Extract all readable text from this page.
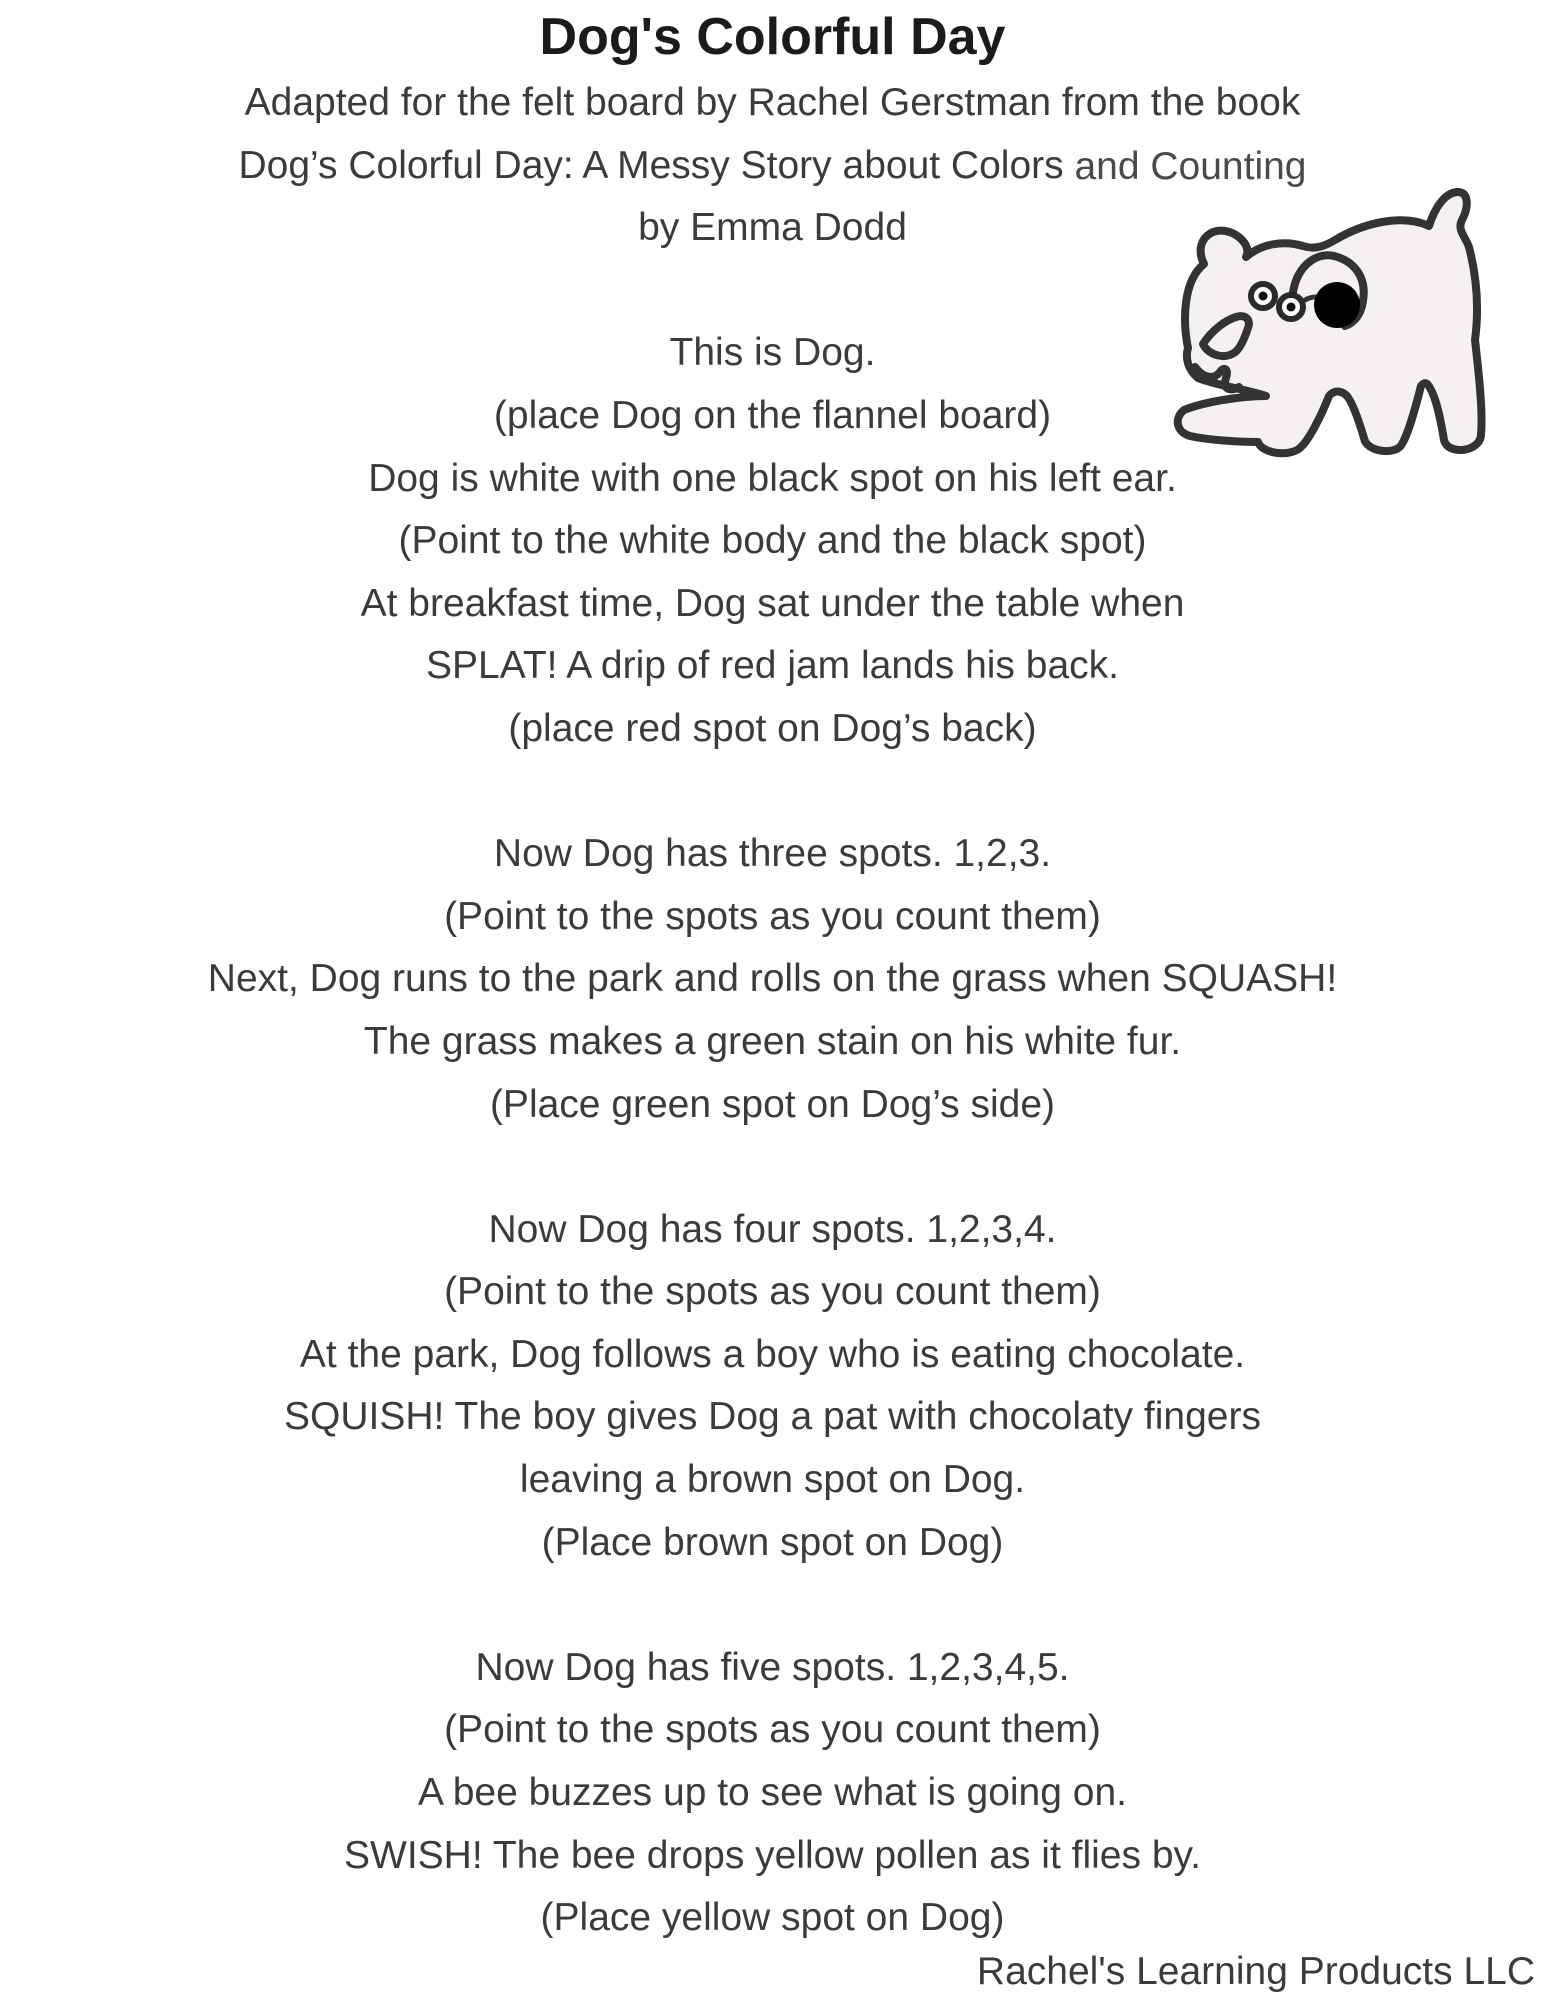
Dog's Colorful Day
Adapted for the felt board by Rachel Gerstman from the book
Dog’s Colorful Day: A Messy Story about Colors and Counting
by Emma Dodd
This is Dog.
(place Dog on the flannel board)
Dog is white with one black spot on his left ear.
(Point to the white body and the black spot)
At breakfast time, Dog sat under the table when
SPLAT! A drip of red jam lands his back.
(place red spot on Dog’s back)
Now Dog has three spots. 1,2,3.
(Point to the spots as you count them)
Next, Dog runs to the park and rolls on the grass when SQUASH!
The grass makes a green stain on his white fur.
(Place green spot on Dog’s side)
Now Dog has four spots. 1,2,3,4.
(Point to the spots as you count them)
At the park, Dog follows a boy who is eating chocolate.
SQUISH! The boy gives Dog a pat with chocolaty fingers
leaving a brown spot on Dog.
(Place brown spot on Dog)
Now Dog has five spots. 1,2,3,4,5.
(Point to the spots as you count them)
A bee buzzes up to see what is going on.
SWISH! The bee drops yellow pollen as it flies by.
(Place yellow spot on Dog)
Rachel's Learning Products LLC
